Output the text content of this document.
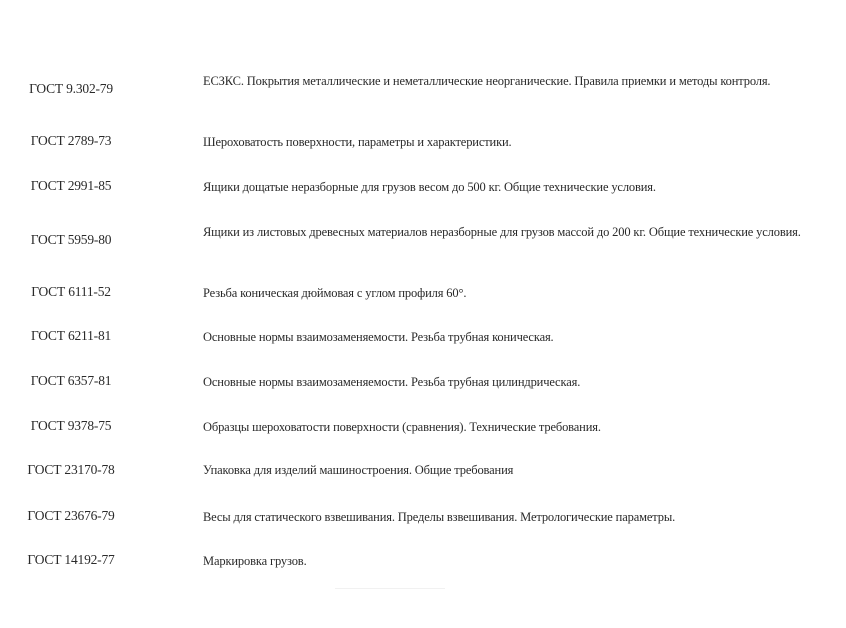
ГОСТ 9.302-79	ЕСЗКС. Покрытия металлические и неметаллические неорганические. Правила приемки и методы контроля.
ГОСТ 2789-73	Шероховатость поверхности, параметры и характеристики.
ГОСТ 2991-85	Ящики дощатые неразборные для грузов весом до 500 кг. Общие технические условия.
ГОСТ 5959-80	Ящики из листовых древесных материалов неразборные для грузов массой до 200 кг. Общие технические условия.
ГОСТ 6111-52	Резьба коническая дюймовая с углом профиля 60°.
ГОСТ 6211-81	Основные нормы взаимозаменяемости. Резьба трубная коническая.
ГОСТ 6357-81	Основные нормы взаимозаменяемости. Резьба трубная цилиндрическая.
ГОСТ 9378-75	Образцы шероховатости поверхности (сравнения). Технические требования.
ГОСТ 23170-78	Упаковка для изделий машиностроения. Общие требования
ГОСТ 23676-79	Весы для статического взвешивания. Пределы взвешивания. Метрологические параметры.
ГОСТ 14192-77	Маркировка грузов.
